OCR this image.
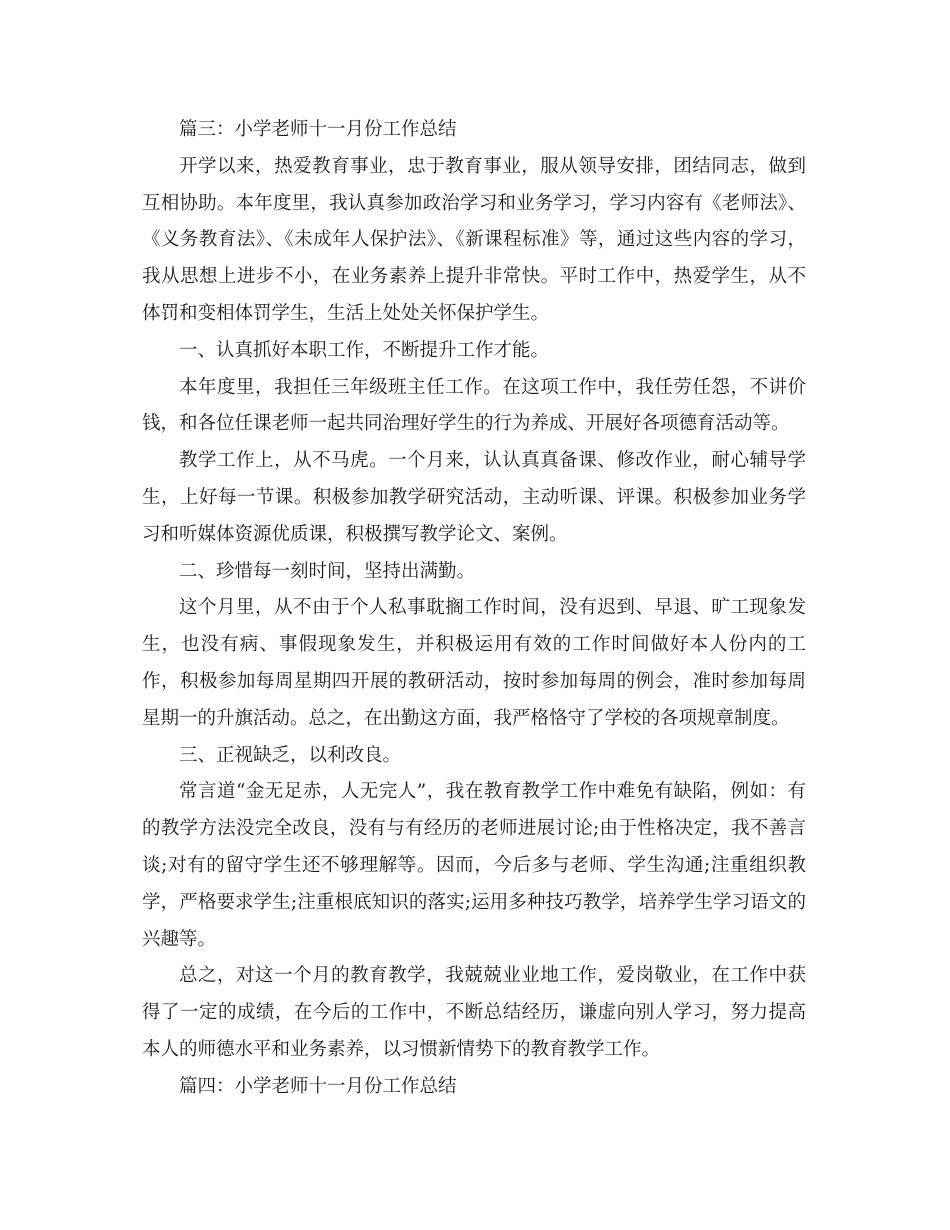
篇三：小学老师十一月份工作总结

开学以来，热爱教育事业，忠于教育事业，服从领导安排，团结同志，做到互相协助。本年度里，我认真参加政治学习和业务学习，学习内容有《老师法》、《义务教育法》、《未成年人保护法》、《新课程标准》等，通过这些内容的学习，我从思想上进步不小，在业务素养上提升非常快。平时工作中，热爱学生，从不体罚和变相体罚学生，生活上处处关怀保护学生。

一、认真抓好本职工作，不断提升工作才能。

本年度里，我担任三年级班主任工作。在这项工作中，我任劳任怨，不讲价钱，和各位任课老师一起共同治理好学生的行为养成、开展好各项德育活动等。

教学工作上，从不马虎。一个月来，认认真真备课、修改作业，耐心辅导学生，上好每一节课。积极参加教学研究活动，主动听课、评课。积极参加业务学习和听媒体资源优质课，积极撰写教学论文、案例。

二、珍惜每一刻时间，坚持出满勤。

这个月里，从不由于个人私事耽搁工作时间，没有迟到、早退、旷工现象发生，也没有病、事假现象发生，并积极运用有效的工作时间做好本人份内的工作，积极参加每周星期四开展的教研活动，按时参加每周的例会，准时参加每周星期一的升旗活动。总之，在出勤这方面，我严格恪守了学校的各项规章制度。

三、正视缺乏，以利改良。

常言道“金无足赤，人无完人”，我在教育教学工作中难免有缺陷，例如：有的教学方法没完全改良，没有与有经历的老师进展讨论;由于性格决定，我不善言谈;对有的留守学生还不够理解等。因而，今后多与老师、学生沟通;注重组织教学，严格要求学生;注重根底知识的落实;运用多种技巧教学，培养学生学习语文的兴趣等。

总之，对这一个月的教育教学，我兢兢业业地工作，爱岗敬业，在工作中获得了一定的成绩，在今后的工作中，不断总结经历，谦虚向别人学习，努力提高本人的师德水平和业务素养，以习惯新情势下的教育教学工作。

篇四：小学老师十一月份工作总结
